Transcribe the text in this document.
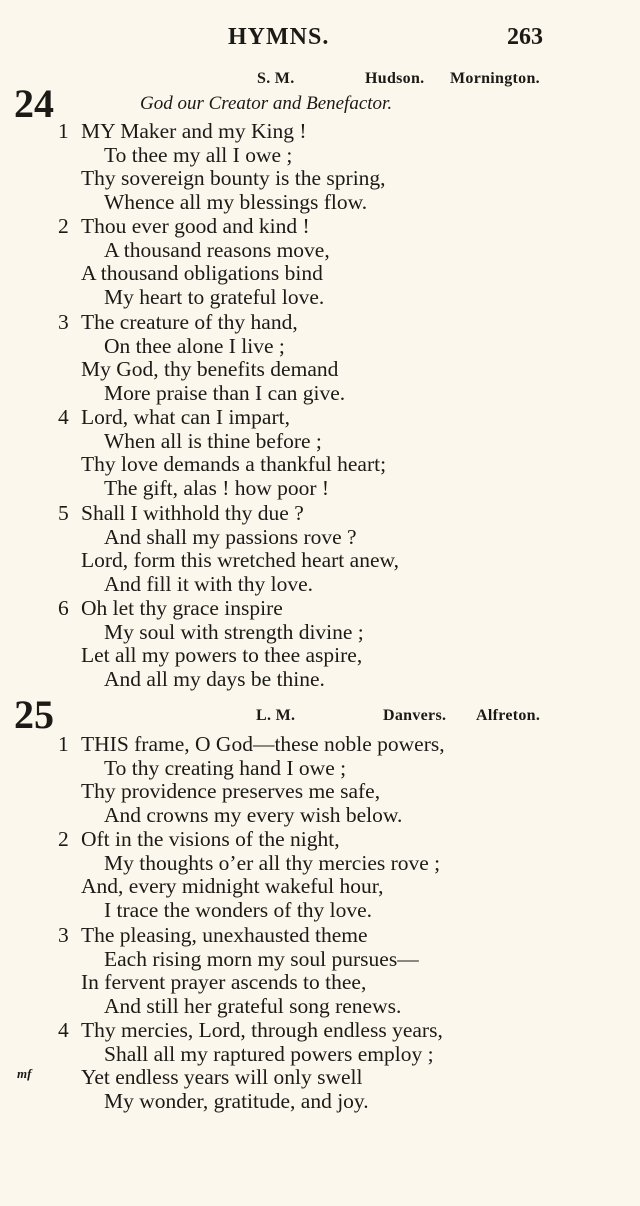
HYMNS.	263
24
S. M.	Hudson. Mornington.
God our Creator and Benefactor.
1 MY Maker and my King !
To thee my all I owe ;
Thy sovereign bounty is the spring,
Whence all my blessings flow.
2 Thou ever good and kind !
A thousand reasons move,
A thousand obligations bind
My heart to grateful love.
3 The creature of thy hand,
On thee alone I live ;
My God, thy benefits demand
More praise than I can give.
4 Lord, what can I impart,
When all is thine before ;
Thy love demands a thankful heart;
The gift, alas ! how poor !
5 Shall I withhold thy due ?
And shall my passions rove ?
Lord, form this wretched heart anew,
And fill it with thy love.
6 Oh let thy grace inspire
My soul with strength divine ;
Let all my powers to thee aspire,
And all my days be thine.
25	L. M.	Danvers. Alfreton.
1 THIS frame, O God—these noble powers,
To thy creating hand I owe ;
Thy providence preserves me safe,
And crowns my every wish below.
2 Oft in the visions of the night,
My thoughts o’er all thy mercies rove ;
And, every midnight wakeful hour,
I trace the wonders of thy love.
3 The pleasing, unexhausted theme
Each rising morn my soul pursues—
In fervent prayer ascends to thee,
And still her grateful song renews.
4 Thy mercies, Lord, through endless years,
Shall all my raptured powers employ ;
Yet endless years will only swell
My wonder, gratitude, and joy.
mf
